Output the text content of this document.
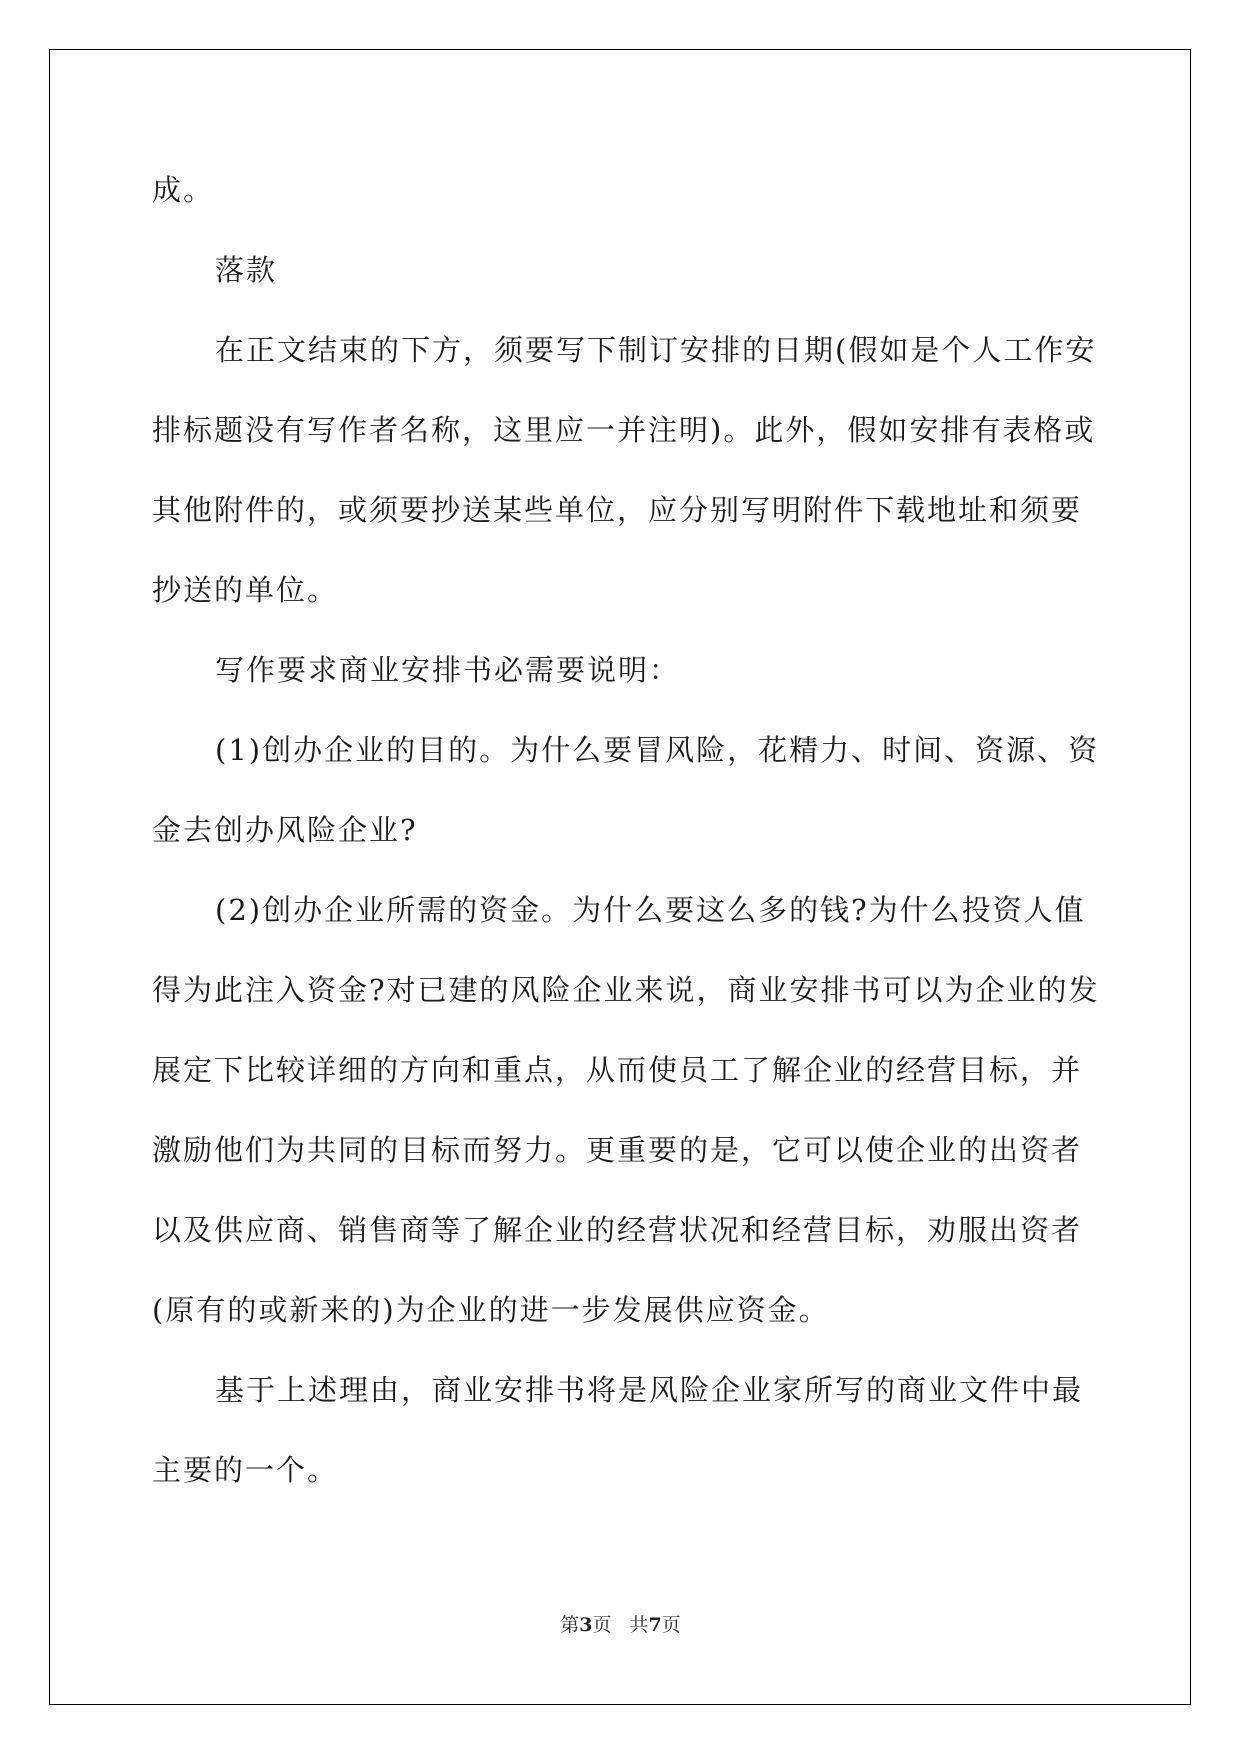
成。
落款
在正文结束的下方，须要写下制订安排的日期(假如是个人工作安
排标题没有写作者名称，这里应一并注明)。此外，假如安排有表格或
其他附件的，或须要抄送某些单位，应分别写明附件下载地址和须要
抄送的单位。
写作要求商业安排书必需要说明：
(1)创办企业的目的。为什么要冒风险，花精力、时间、资源、资
金去创办风险企业?
(2)创办企业所需的资金。为什么要这么多的钱?为什么投资人值
得为此注入资金?对已建的风险企业来说，商业安排书可以为企业的发
展定下比较详细的方向和重点，从而使员工了解企业的经营目标，并
激励他们为共同的目标而努力。更重要的是，它可以使企业的出资者
以及供应商、销售商等了解企业的经营状况和经营目标，劝服出资者
(原有的或新来的)为企业的进一步发展供应资金。
基于上述理由，商业安排书将是风险企业家所写的商业文件中最
主要的一个。
第3页 共7页
